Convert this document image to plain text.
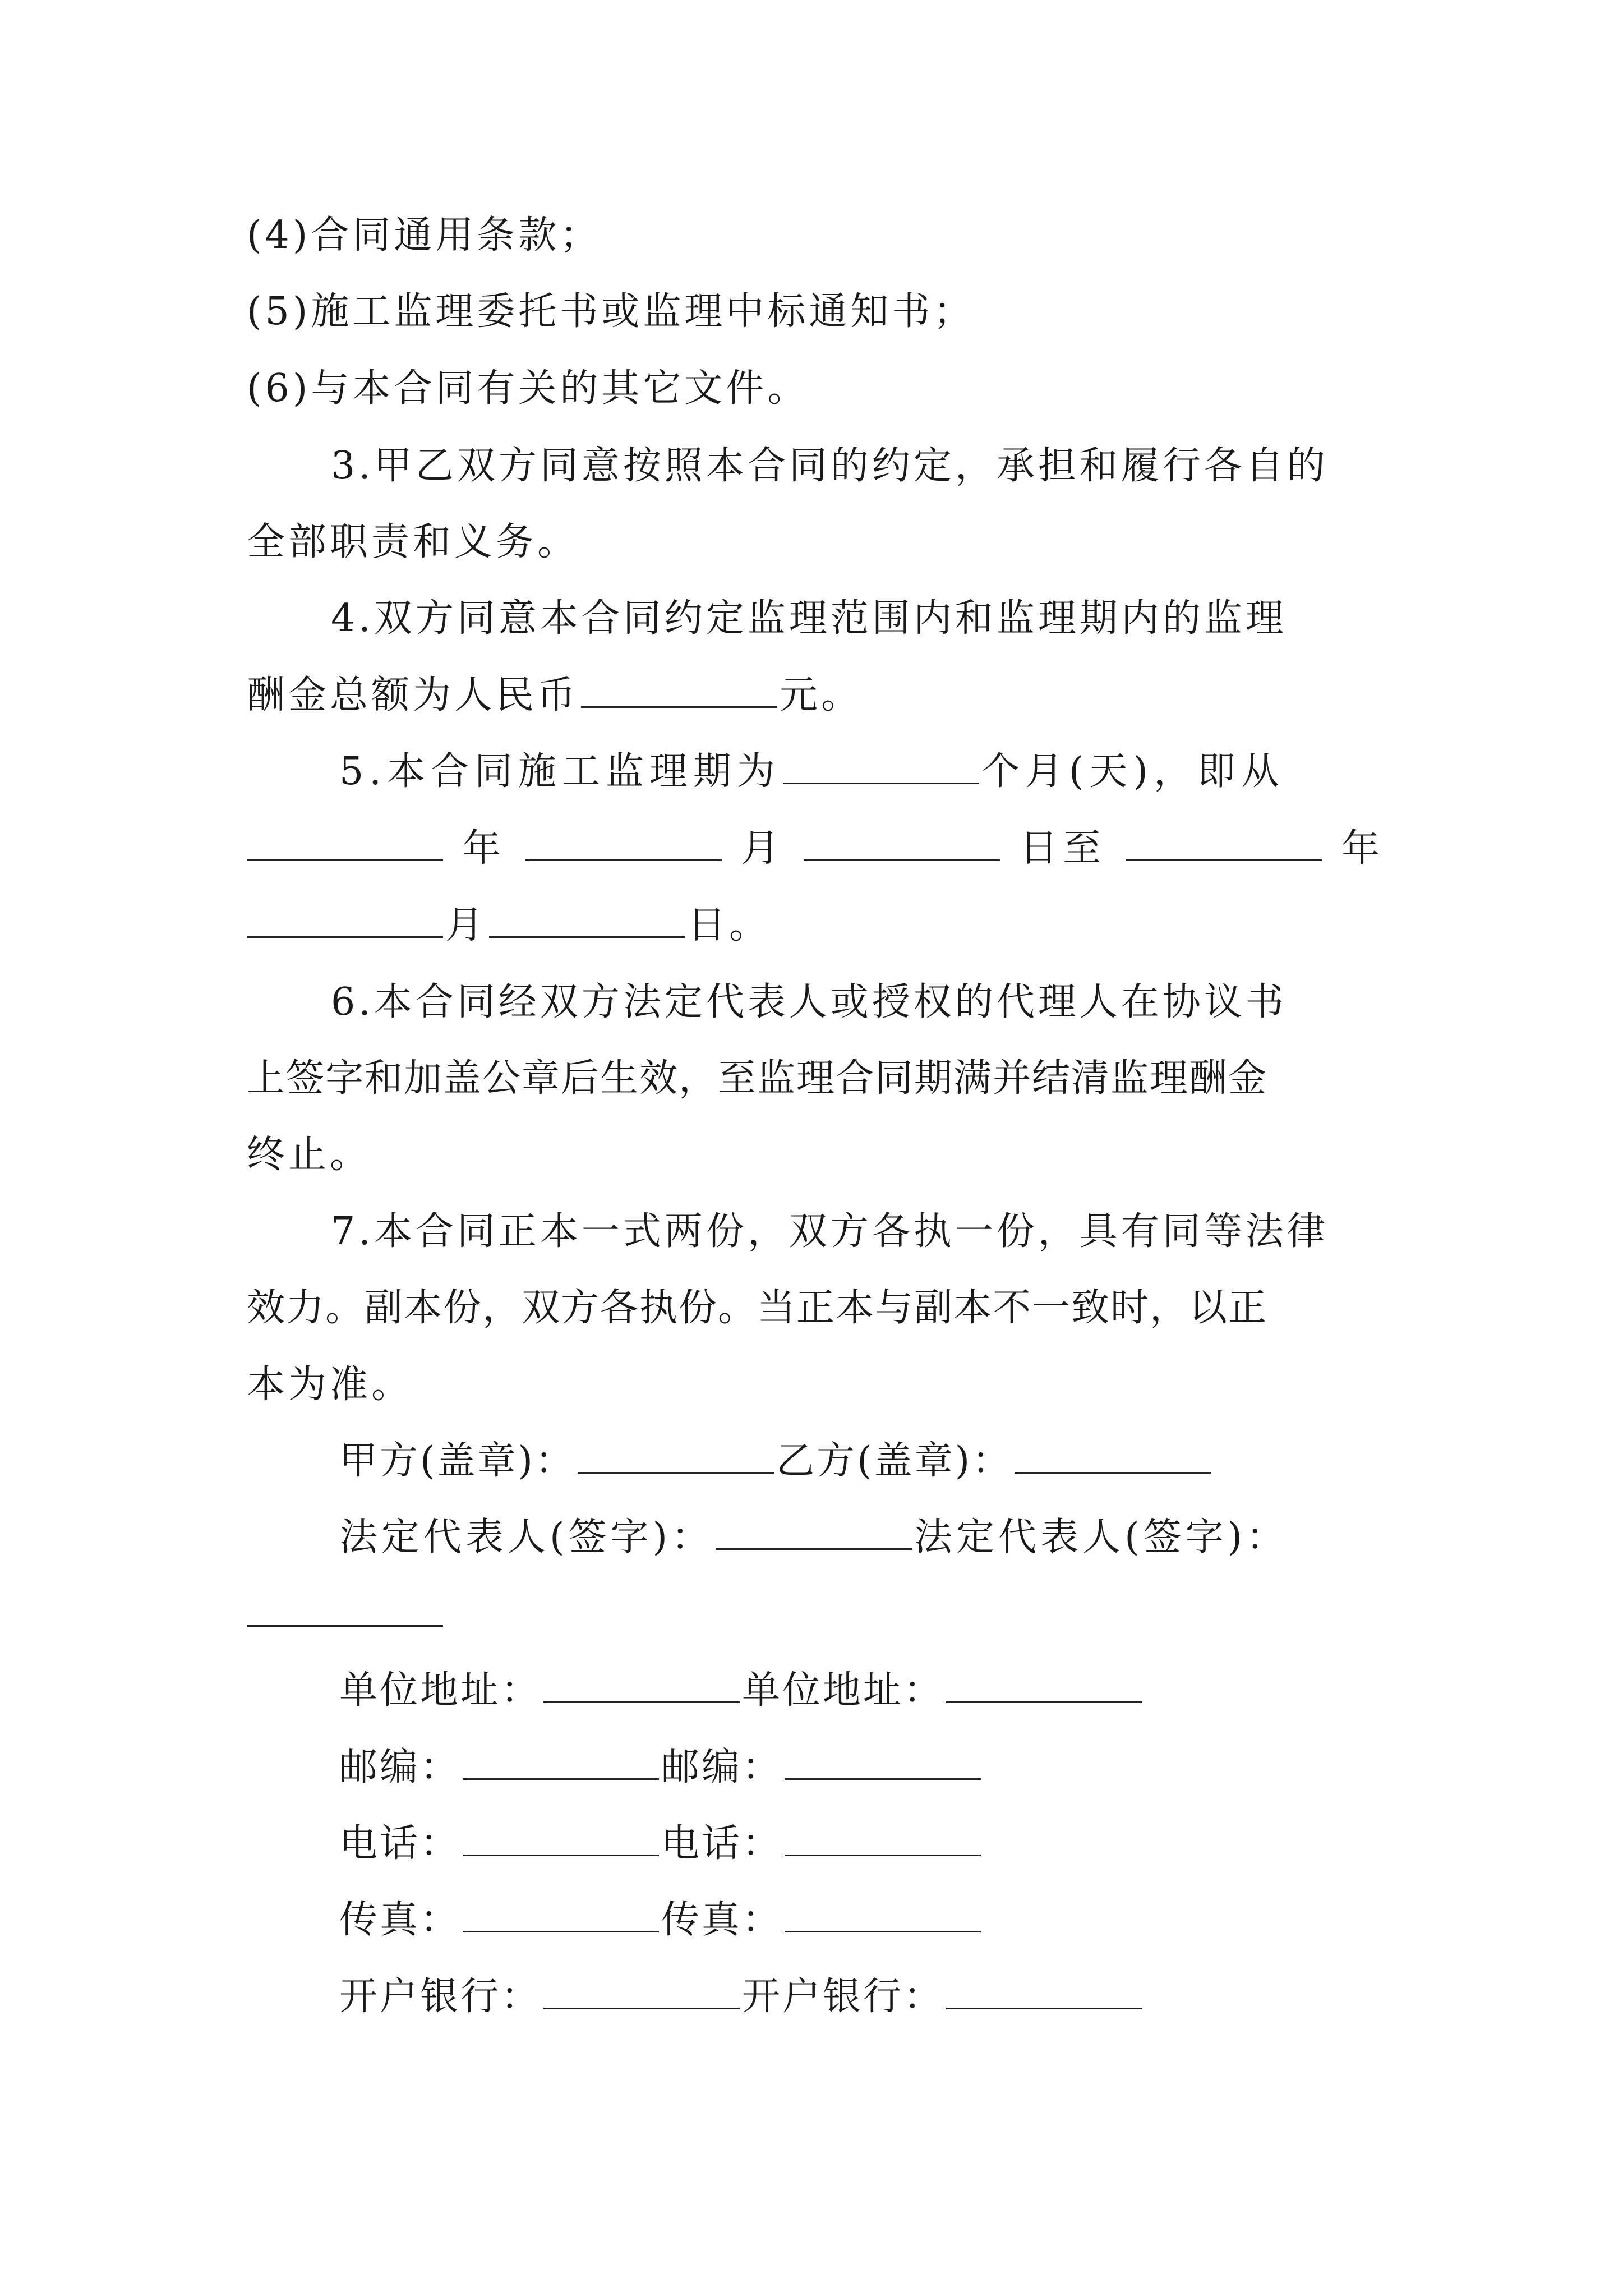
(4)合同通用条款；
(5)施工监理委托书或监理中标通知书；
(6)与本合同有关的其它文件。
3.甲乙双方同意按照本合同的约定，承担和履行各自的
全部职责和义务。
4.双方同意本合同约定监理范围内和监理期内的监理
酬金总额为人民币	元。
5.本合同施工监理期为	个月(天)，即从
年	月	日至	年
月	日。
6.本合同经双方法定代表人或授权的代理人在协议书
上签字和加盖公章后生效，至监理合同期满并结清监理酬金
终止。
7.本合同正本一式两份，双方各执一份，具有同等法律
效力。副本份，双方各执份。当正本与副本不一致时，以正
本为准。
甲方(盖章)：	乙方(盖章)：
法定代表人(签字)：	法定代表人(签字)：
单位地址：	单位地址：
邮编：	邮编：
电话：	电话：
传真：	传真：
开户银行：	开户银行：
